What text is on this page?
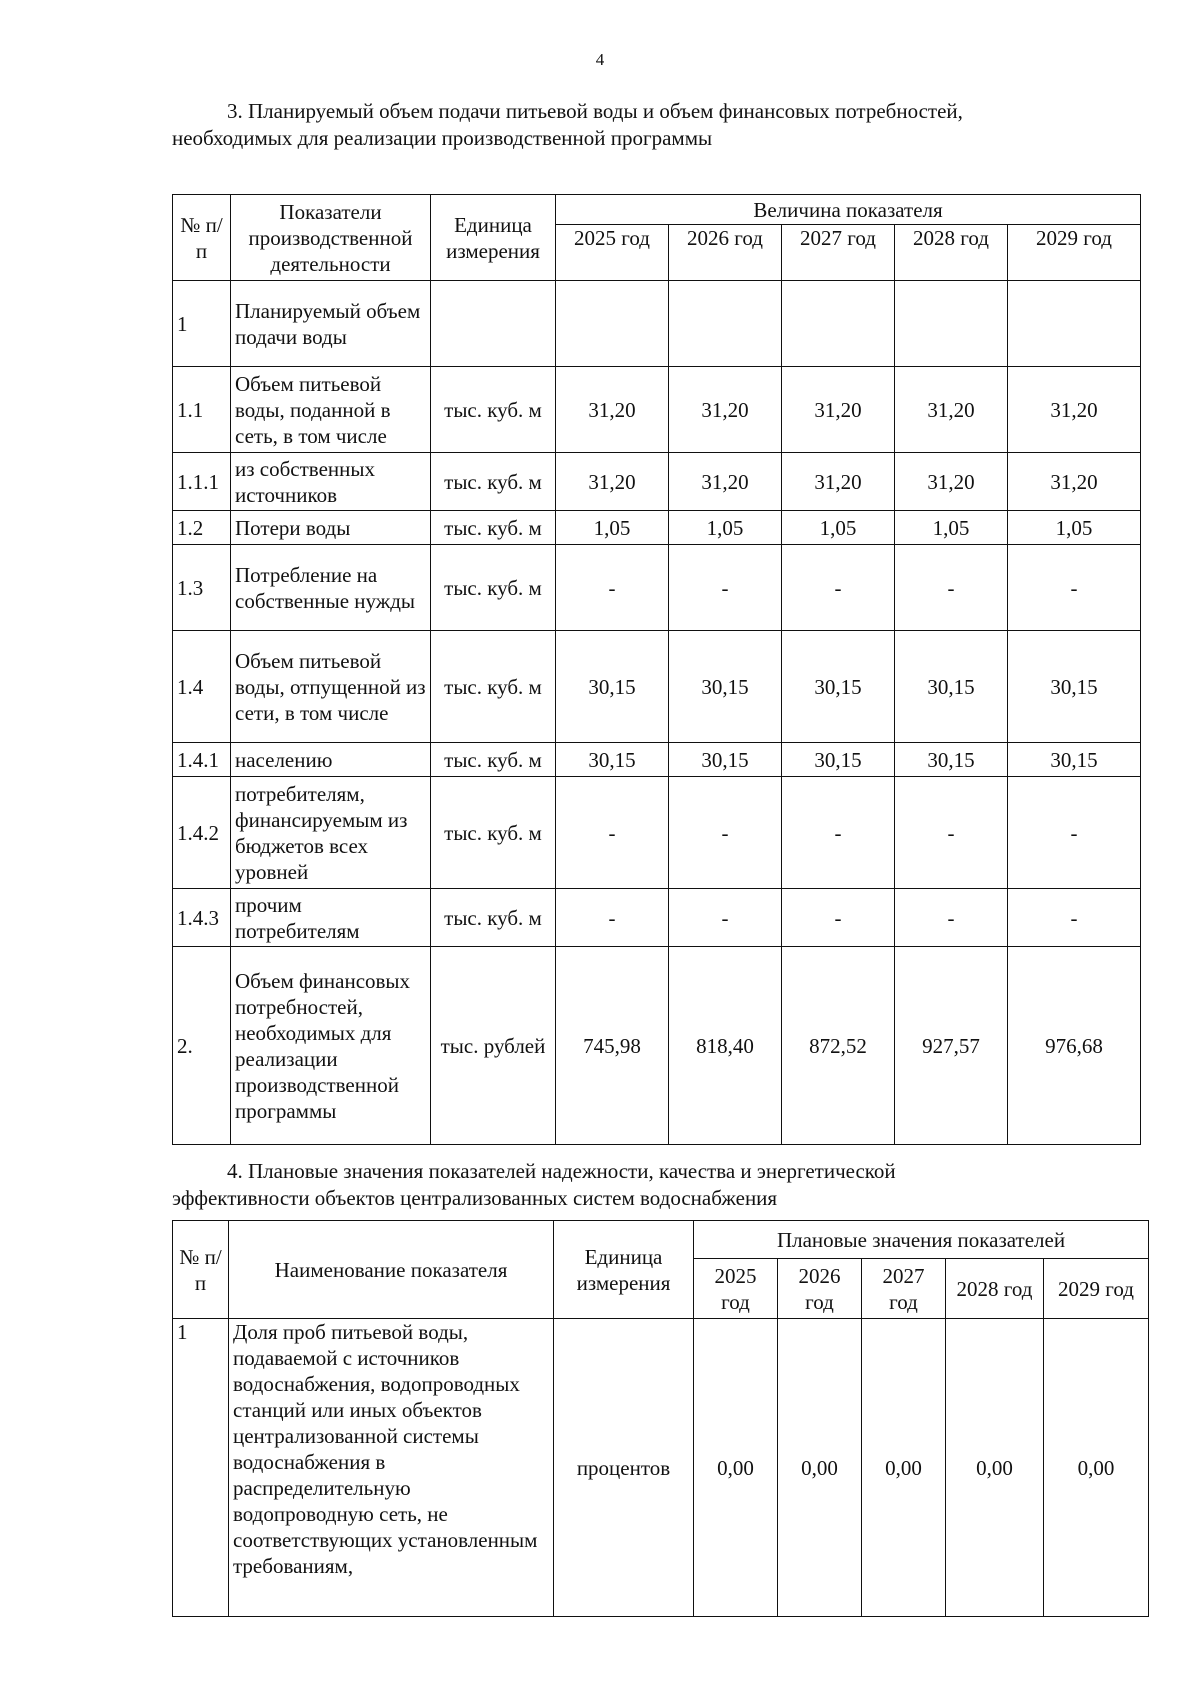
4
3. Планируемый объем подачи питьевой воды и объем финансовых потребностей,
необходимых для реализации производственной программы
№ п/п	Показатели производственной деятельности	Единица измерения	Величина показателя				
			2025 год	2026 год	2027 год	2028 год	2029 год
1	Планируемый объем подачи воды						
1.1	Объем питьевой воды, поданной в сеть, в том числе	тыс. куб. м	31,20	31,20	31,20	31,20	31,20
1.1.1	из собственных источников	тыс. куб. м	31,20	31,20	31,20	31,20	31,20
1.2	Потери воды	тыс. куб. м	1,05	1,05	1,05	1,05	1,05
1.3	Потребление на собственные нужды	тыс. куб. м	-	-	-	-	-
1.4	Объем питьевой воды, отпущенной из сети, в том числе	тыс. куб. м	30,15	30,15	30,15	30,15	30,15
1.4.1	населению	тыс. куб. м	30,15	30,15	30,15	30,15	30,15
1.4.2	потребителям, финансируемым из бюджетов всех уровней	тыс. куб. м	-	-	-	-	-
1.4.3	прочим потребителям	тыс. куб. м	-	-	-	-	-
2.	Объем финансовых потребностей, необходимых для реализации производственной программы	тыс. рублей	745,98	818,40	872,52	927,57	976,68
4. Плановые значения показателей надежности, качества и энергетической
эффективности объектов централизованных систем водоснабжения
№ п/ п	Наименование показателя	Единица измерения	Плановые значения показателей				
			2025 год	2026 год	2027 год	2028 год	2029 год
1	Доля проб питьевой воды, подаваемой с источников водоснабжения, водопроводных станций или иных объектов централизованной системы водоснабжения в распределительную водопроводную сеть, не соответствующих установленным требованиям,	процентов	0,00	0,00	0,00	0,00	0,00
